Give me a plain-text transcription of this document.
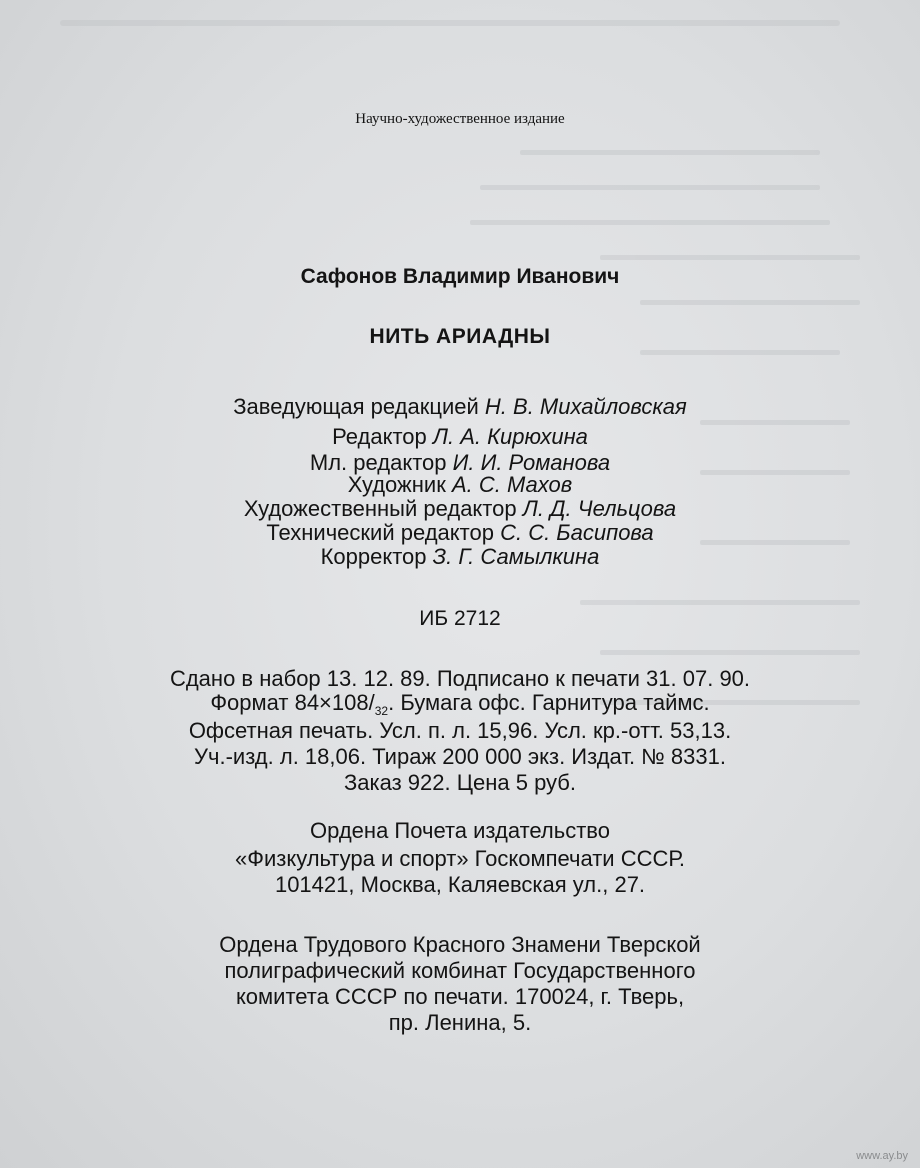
Научно-художественное издание
Сафонов Владимир Иванович
НИТЬ АРИАДНЫ
Заведующая редакцией Н. В. Михайловская
Редактор Л. А. Кирюхина
Мл. редактор И. И. Романова
Художник А. С. Махов
Художественный редактор Л. Д. Чельцова
Технический редактор С. С. Басипова
Корректор З. Г. Самылкина
ИБ 2712
Сдано в набор 13. 12. 89. Подписано к печати 31. 07. 90.
Формат $84\times 108/_{32}$. Бумага офс. Гарнитура таймс.
Офсетная печать. Усл. п. л. 15,96. Усл. кр.-отт. 53,13.
Уч.-изд. л. 18,06. Тираж 200 000 экз. Издат. № 8331.
Заказ 922. Цена 5 руб.
Ордена Почета издательство
«Физкультура и спорт» Госкомпечати СССР.
101421, Москва, Каляевская ул., 27.
Ордена Трудового Красного Знамени Тверской
полиграфический комбинат Государственного
комитета СССР по печати. 170024, г. Тверь,
пр. Ленина, 5.
www.ay.by
